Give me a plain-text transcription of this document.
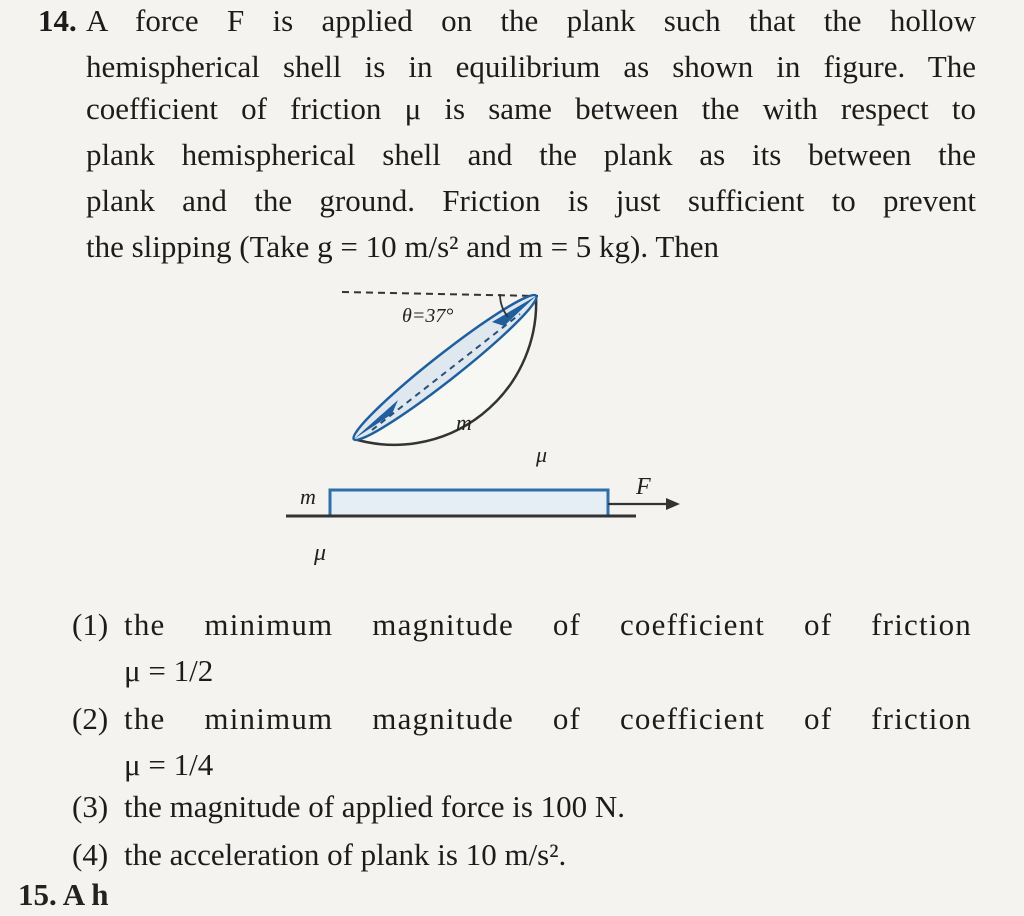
14. A force F is applied on the plank such that the hollow
hemispherical shell is in equilibrium as shown in figure. The
coefficient of friction μ is same between the with respect to
plank hemispherical shell and the plank as its between the
plank and the ground. Friction is just sufficient to prevent
the slipping (Take g = 10 m/s² and m = 5 kg). Then
θ=37°
m
μ
m
μ
F
(1) the minimum magnitude of coefficient of friction
μ = 1/2
(2) the minimum magnitude of coefficient of friction
μ = 1/4
(3) the magnitude of applied force is 100 N.
(4) the acceleration of plank is 10 m/s².
15. A h
